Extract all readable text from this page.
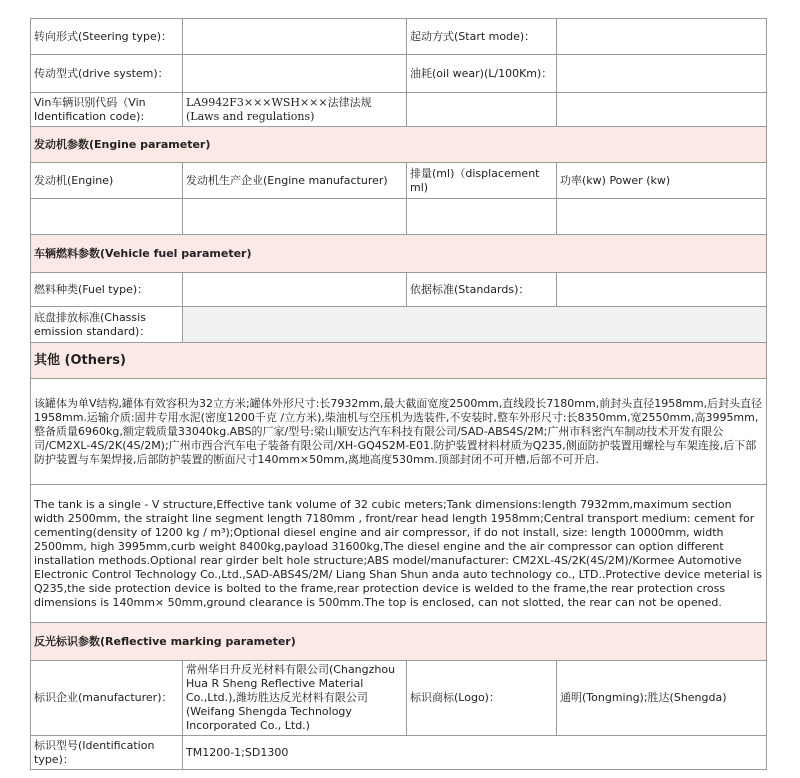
转向形式(Steering type)：		起动方式(Start mode)：	
传动型式(drive system)：		油耗(oil wear)(L/100Km)：	
Vin车辆识别代码（Vin Identification code):	LA9942F3×××WSH×××法律法规(Laws and regulations)		
发动机参数(Engine parameter)			
发动机(Engine)	发动机生产企业(Engine manufacturer)	排量(ml)（displacement ml)	功率(kw) Power (kw)

车辆燃料参数(Vehicle fuel parameter)			
燃料种类(Fuel type)：		依据标准(Standards)：	
底盘排放标准(Chassis emission standard)：			
其他 (Others)			
该罐体为单V结构,罐体有效容积为32立方米;罐体外形尺寸:长7932mm,最大截面宽度2500mm,直线段长7180mm,前封头直径1958mm,后封头直径1958mm.运输介质:固井专用水泥(密度1200千克 /立方米),柴油机与空压机为选装件,不安装时,整车外形尺寸:长8350mm,宽2550mm,高3995mm,整备质量6960kg,额定载质量33040kg.ABS的厂家/型号:梁山顺安达汽车科技有限公司/SAD-ABS4S/2M;广州市科密汽车制动技术开发有限公司/CM2XL-4S/2K(4S/2M);广州市西合汽车电子装备有限公司/XH-GQ4S2M-E01.防护装置材料材质为Q235,侧面防护装置用螺栓与车架连接,后下部防护装置与车架焊接,后部防护装置的断面尺寸140mm×50mm,离地高度530mm.顶部封闭不可开槽,后部不可开启.			
The tank is a single - V structure,Effective tank volume of 32 cubic meters;Tank dimensions:length 7932mm,maximum section width 2500mm, the straight line segment length 7180mm , front/rear head length 1958mm;Central transport medium: cement for cementing(density of 1200 kg / m³);Optional diesel engine and air compressor, if do not install, size: length 10000mm, width 2500mm, high 3995mm,curb weight 8400kg,payload 31600kg,The diesel engine and the air compressor can option different installation methods.Optional rear girder belt hole structure;ABS model/manufacturer: CM2XL-4S/2K(4S/2M)/Kormee Automotive Electronic Control Technology Co.,Ltd.,SAD-ABS4S/2M/ Liang Shan Shun anda auto technology co., LTD..Protective device meterial is Q235,the side protection device is bolted to the frame,rear protection device is welded to the frame,the rear protection cross dimensions is 140mm× 50mm,ground clearance is 500mm.The top is enclosed, can not slotted, the rear can not be opened.			
反光标识参数(Reflective marking parameter)			
标识企业(manufacturer)：	常州华日升反光材料有限公司(Changzhou Hua R Sheng Reflective Material Co.,Ltd.),潍坊胜达反光材料有限公司(Weifang Shengda Technology Incorporated Co., Ltd.)	标识商标(Logo)：	通明(Tongming);胜达(Shengda)
标识型号(Identification type)：	TM1200-1;SD1300		
